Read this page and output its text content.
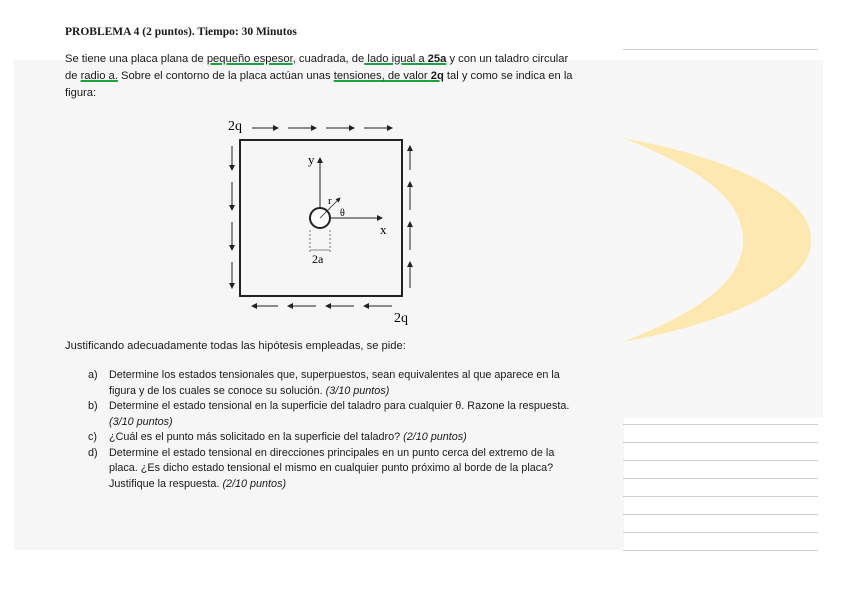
PROBLEMA 4 (2 puntos). Tiempo: 30 Minutos
Se tiene una placa plana de pequeño espesor, cuadrada, de lado igual a 25a y con un taladro circular de radio a. Sobre el contorno de la placa actúan unas tensiones, de valor 2q tal y como se indica en la figura:
2q
2q
y
x
r
θ
2a
Justificando adecuadamente todas las hipótesis empleadas, se pide:
a)	Determine los estados tensionales que, superpuestos, sean equivalentes al que aparece en la figura y de los cuales se conoce su solución. (3/10 puntos)
b)	Determine el estado tensional en la superficie del taladro para cualquier θ. Razone la respuesta. (3/10 puntos)
c)	¿Cuál es el punto más solicitado en la superficie del taladro? (2/10 puntos)
d)	Determine el estado tensional en direcciones principales en un punto cerca del extremo de la placa. ¿Es dicho estado tensional el mismo en cualquier punto próximo al borde de la placa? Justifique la respuesta. (2/10 puntos)
